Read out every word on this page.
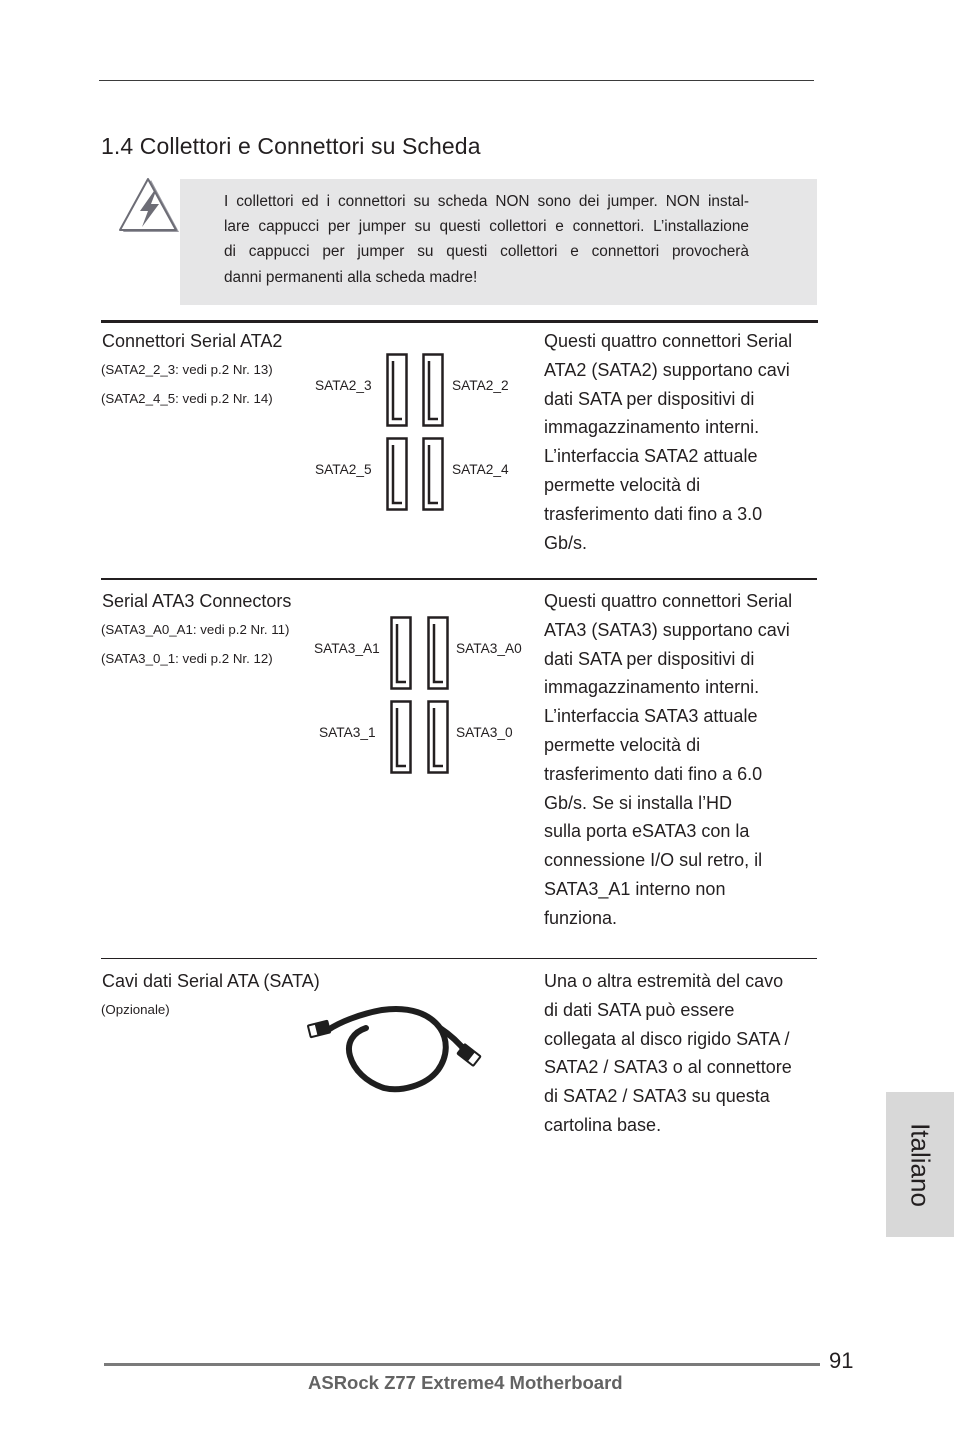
1.4 Collettori e Connettori su Scheda
I collettori ed i connettori su scheda NON sono dei jumper. NON instal-
lare cappucci per jumper su questi collettori e connettori. L’installazione
di cappucci per jumper su questi collettori e connettori provocherà
danni permanenti alla scheda madre!
Connettori Serial ATA2
(SATA2_2_3: vedi p.2 Nr. 13)
(SATA2_4_5: vedi p.2 Nr. 14)
SATA2_3	SATA2_2
SATA2_5	SATA2_4
Questi quattro connettori Serial
ATA2 (SATA2) supportano cavi
dati SATA per dispositivi di
immagazzinamento interni.
L’interfaccia SATA2 attuale
permette velocità di
trasferimento dati fino a 3.0
Gb/s.
Serial ATA3 Connectors
(SATA3_A0_A1: vedi p.2 Nr. 11)
(SATA3_0_1: vedi p.2 Nr. 12)
SATA3_A1	SATA3_A0
SATA3_1	SATA3_0
Questi quattro connettori Serial
ATA3 (SATA3) supportano cavi
dati SATA per dispositivi di
immagazzinamento interni.
L’interfaccia SATA3 attuale
permette velocità di
trasferimento dati fino a 6.0
Gb/s. Se si installa l’HD
sulla porta eSATA3 con la
connessione I/O sul retro, il
SATA3_A1 interno non
funziona.
Cavi dati Serial ATA (SATA)
(Opzionale)
Una o altra estremità del cavo
di dati SATA può essere
collegata al disco rigido SATA /
SATA2 / SATA3 o al connettore
di SATA2 / SATA3 su questa
cartolina base.	Italiano
91
ASRock Z77 Extreme4 Motherboard
